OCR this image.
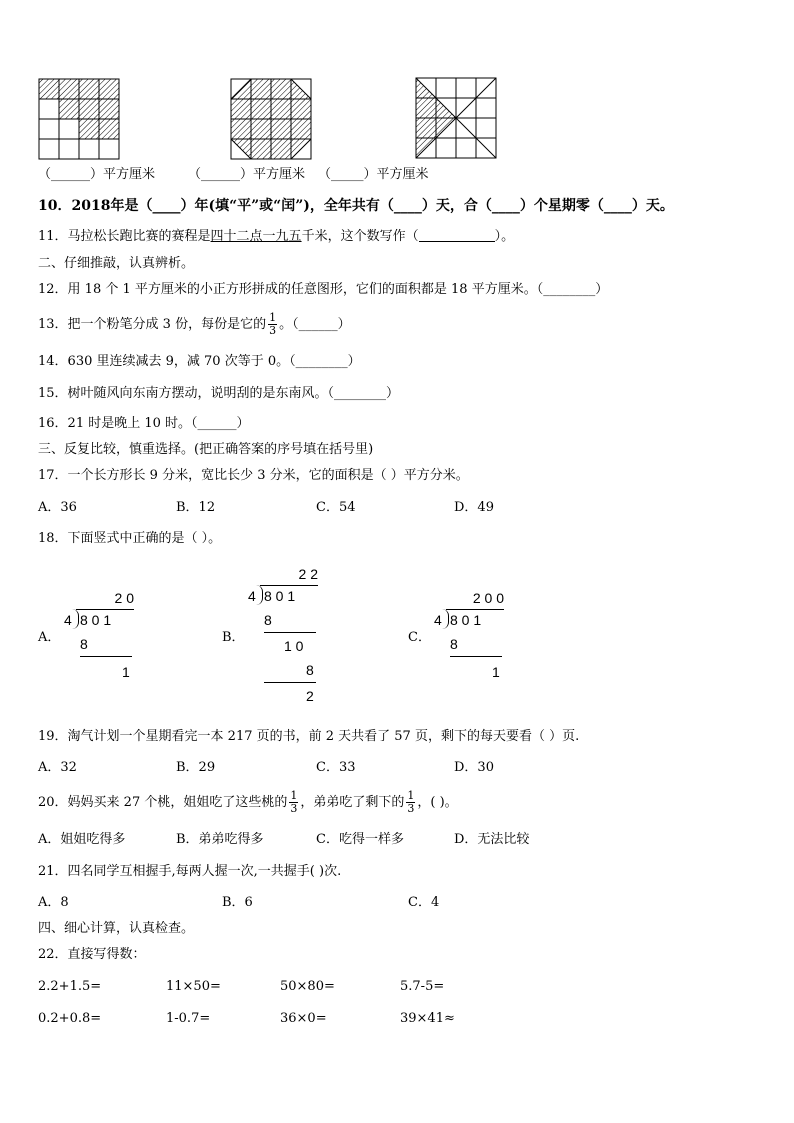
（______）平方厘米	（______）平方厘米 （_____）平方厘米
10．2018年是（____）年(填“平”或“闰”)，全年共有（____）天，合（____）个星期零（____）天。
11．马拉松长跑比赛的赛程是四十二点一九五千米，这个数写作（	）。
二、仔细推敲，认真辨析。
12．用 18 个 1 平方厘米的小正方形拼成的任意图形，它们的面积都是 18 平方厘米。（________）
13．把一个粉笔分成 3 份，每份是它的 $\frac{1}{3}$ 。（______）
14．630 里连续减去 9，减 70 次等于 0。（________）
15．树叶随风向东南方摆动，说明刮的是东南风。（________）
16．21 时是晚上 10 时。（______）
三、反复比较，慎重选择。(把正确答案的序号填在括号里)
17．一个长方形长 9 分米，宽比长少 3 分米，它的面积是（ ）平方分米。
A．36	B．12	C．54	D．49
18．下面竖式中正确的是（ ）。
A．
2 0
4 8 0 1
8
1
B．
2 2
4 8 0 1
8
1 0
8
2
C．
2 0 0
4 8 0 1
8
1
19．淘气计划一个星期看完一本 217 页的书，前 2 天共看了 57 页，剩下的每天要看（ ）页.
A．32	B．29	C．33	D．30
20．妈妈买来 27 个桃，姐姐吃了这些桃的 $\frac{1}{3}$ ，弟弟吃了剩下的 $\frac{1}{3}$ ，( )。
A．姐姐吃得多	B．弟弟吃得多	C．吃得一样多	D．无法比较
21．四名同学互相握手,每两人握一次,一共握手( )次.
A．8	B．6	C．4
四、细心计算，认真检查。
22．直接写得数：
2.2+1.5=	11×50=	50×80=	5.7-5=
0.2+0.8=	1-0.7=	36×0=	39×41≈
